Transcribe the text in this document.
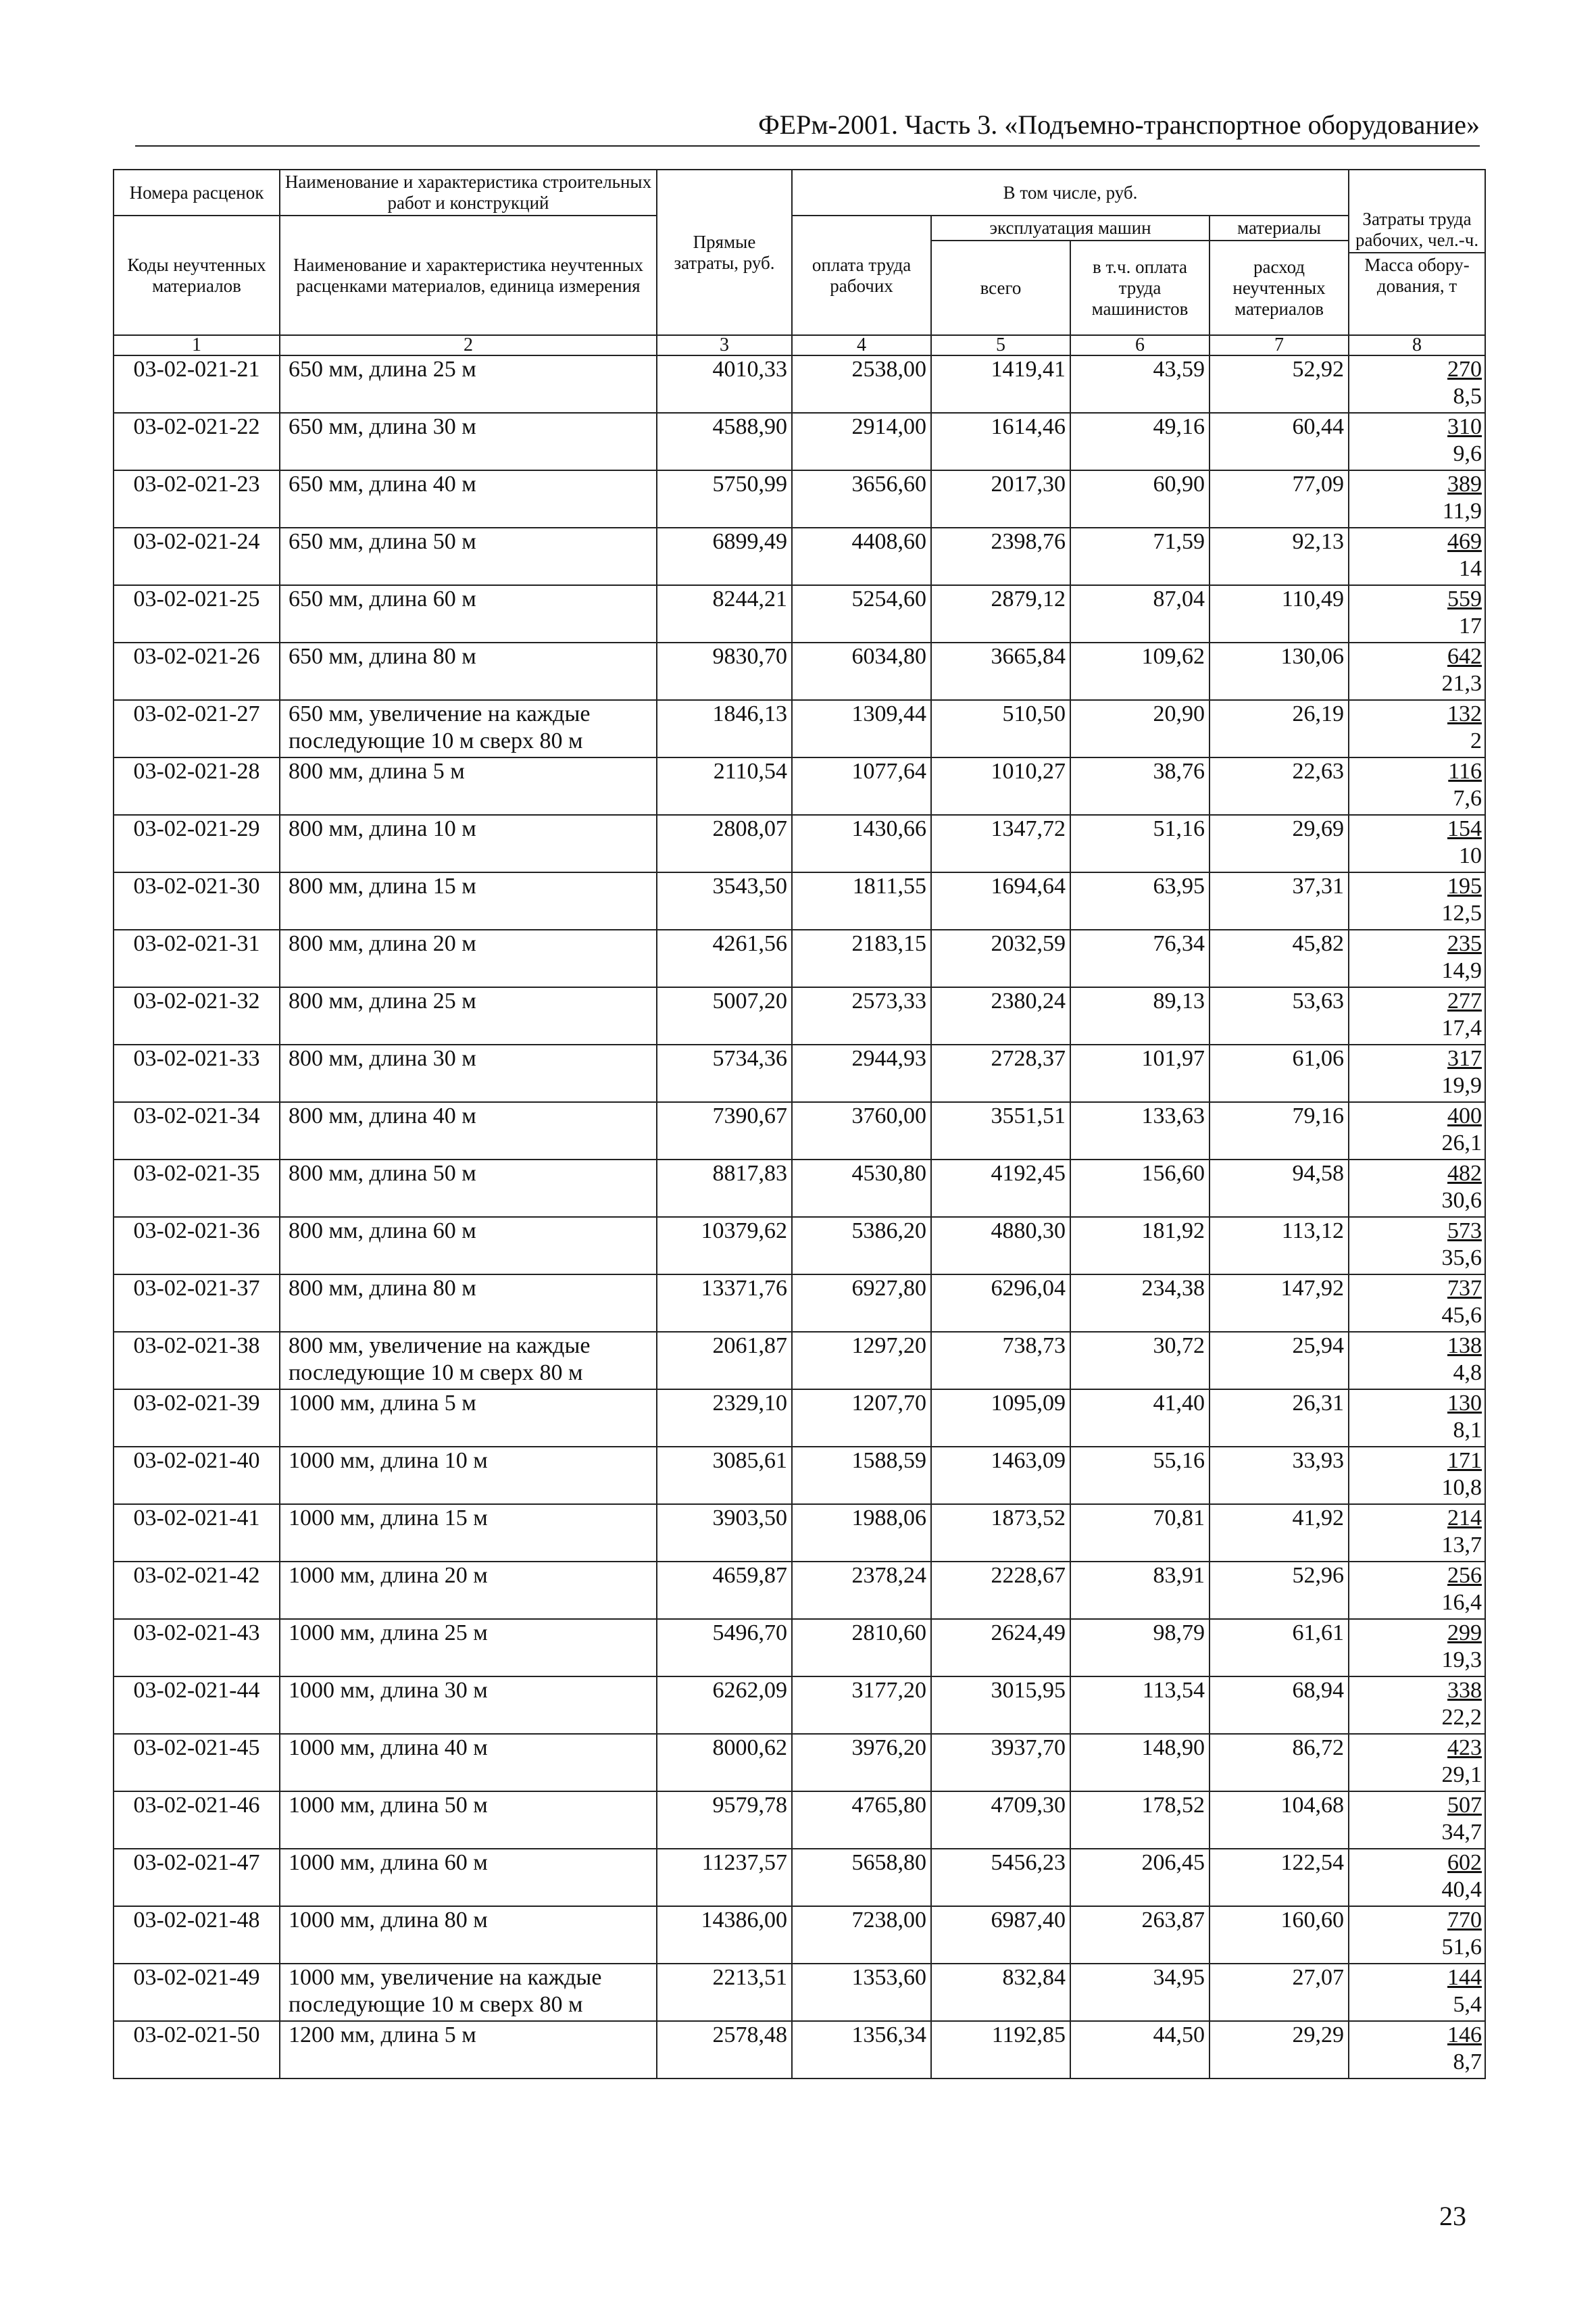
ФЕРм-2001. Часть 3. «Подъемно-транспортное оборудование»
Номера расценок	Наименование и характеристика строительных работ и конструкций	Прямые затраты, руб.	В том числе, руб.				Затраты труда рабочих, чел.-ч.
Масса обору-дования, т

Коды неучтенных материалов	Наименование и характеристика неучтенных расценками материалов, единица измерения		оплата труда рабочих	эксплуатация машин		материалы	
				всего	в т.ч. оплата труда машинистов	расход неучтенных материалов	
1	2	3	4	5	6	7	8
03-02-021-21	650 мм, длина 25 м	4010,33	2538,00	1419,41	43,59	52,92	270
8,5

03-02-021-22	650 мм, длина 30 м	4588,90	2914,00	1614,46	49,16	60,44	310
9,6

03-02-021-23	650 мм, длина 40 м	5750,99	3656,60	2017,30	60,90	77,09	389
11,9

03-02-021-24	650 мм, длина 50 м	6899,49	4408,60	2398,76	71,59	92,13	469
14

03-02-021-25	650 мм, длина 60 м	8244,21	5254,60	2879,12	87,04	110,49	559
17

03-02-021-26	650 мм, длина 80 м	9830,70	6034,80	3665,84	109,62	130,06	642
21,3

03-02-021-27	650 мм, увеличение на каждые последующие 10 м сверх 80 м	1846,13	1309,44	510,50	20,90	26,19	132
2

03-02-021-28	800 мм, длина 5 м	2110,54	1077,64	1010,27	38,76	22,63	116
7,6

03-02-021-29	800 мм, длина 10 м	2808,07	1430,66	1347,72	51,16	29,69	154
10

03-02-021-30	800 мм, длина 15 м	3543,50	1811,55	1694,64	63,95	37,31	195
12,5

03-02-021-31	800 мм, длина 20 м	4261,56	2183,15	2032,59	76,34	45,82	235
14,9

03-02-021-32	800 мм, длина 25 м	5007,20	2573,33	2380,24	89,13	53,63	277
17,4

03-02-021-33	800 мм, длина 30 м	5734,36	2944,93	2728,37	101,97	61,06	317
19,9

03-02-021-34	800 мм, длина 40 м	7390,67	3760,00	3551,51	133,63	79,16	400
26,1

03-02-021-35	800 мм, длина 50 м	8817,83	4530,80	4192,45	156,60	94,58	482
30,6

03-02-021-36	800 мм, длина 60 м	10379,62	5386,20	4880,30	181,92	113,12	573
35,6

03-02-021-37	800 мм, длина 80 м	13371,76	6927,80	6296,04	234,38	147,92	737
45,6

03-02-021-38	800 мм, увеличение на каждые последующие 10 м сверх 80 м	2061,87	1297,20	738,73	30,72	25,94	138
4,8

03-02-021-39	1000 мм, длина 5 м	2329,10	1207,70	1095,09	41,40	26,31	130
8,1

03-02-021-40	1000 мм, длина 10 м	3085,61	1588,59	1463,09	55,16	33,93	171
10,8

03-02-021-41	1000 мм, длина 15 м	3903,50	1988,06	1873,52	70,81	41,92	214
13,7

03-02-021-42	1000 мм, длина 20 м	4659,87	2378,24	2228,67	83,91	52,96	256
16,4

03-02-021-43	1000 мм, длина 25 м	5496,70	2810,60	2624,49	98,79	61,61	299
19,3

03-02-021-44	1000 мм, длина 30 м	6262,09	3177,20	3015,95	113,54	68,94	338
22,2

03-02-021-45	1000 мм, длина 40 м	8000,62	3976,20	3937,70	148,90	86,72	423
29,1

03-02-021-46	1000 мм, длина 50 м	9579,78	4765,80	4709,30	178,52	104,68	507
34,7

03-02-021-47	1000 мм, длина 60 м	11237,57	5658,80	5456,23	206,45	122,54	602
40,4

03-02-021-48	1000 мм, длина 80 м	14386,00	7238,00	6987,40	263,87	160,60	770
51,6

03-02-021-49	1000 мм, увеличение на каждые последующие 10 м сверх 80 м	2213,51	1353,60	832,84	34,95	27,07	144
5,4

03-02-021-50	1200 мм, длина 5 м	2578,48	1356,34	1192,85	44,50	29,29	146
8,7
23
